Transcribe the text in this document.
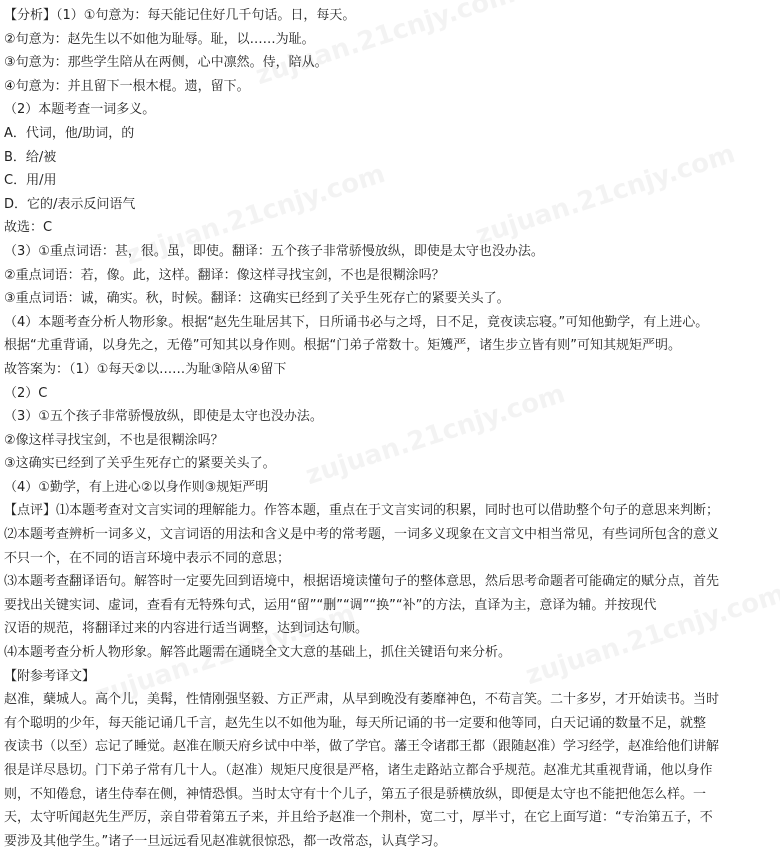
【分析】（1）①句意为：每天能记住好几千句话。日，每天。
②句意为：赵先生以不如他为耻辱。耻，以……为耻。
③句意为：那些学生陪从在两侧，心中凛然。侍，陪从。
④句意为：并且留下一根木棍。遗，留下。
（2）本题考查一词多义。
A．代词，他/助词，的
B．给/被
C．用/用
D．它的/表示反问语气
故选：C
（3）①重点词语：甚，很。虽，即使。翻译：五个孩子非常骄慢放纵，即使是太守也没办法。
②重点词语：若，像。此，这样。翻译：像这样寻找宝剑，不也是很糊涂吗？
③重点词语：诚，确实。秋，时候。翻译：这确实已经到了关乎生死存亡的紧要关头了。
（4）本题考查分析人物形象。根据“赵先生耻居其下，日所诵书必与之埒，日不足，竟夜读忘寝。”可知他勤学，有上进心。
根据“尤重背诵，以身先之，无倦”可知其以身作则。根据“门弟子常数十。矩矱严，诸生步立皆有则”可知其规矩严明。
故答案为：（1）①每天②以……为耻③陪从④留下
（2）C
（3）①五个孩子非常骄慢放纵，即使是太守也没办法。
②像这样寻找宝剑，不也是很糊涂吗？
③这确实已经到了关乎生死存亡的紧要关头了。
（4）①勤学，有上进心②以身作则③规矩严明
【点评】⑴本题考查对文言实词的理解能力。作答本题，重点在于文言实词的积累，同时也可以借助整个句子的意思来判断；
⑵本题考查辨析一词多义，文言词语的用法和含义是中考的常考题，一词多义现象在文言文中相当常见，有些词所包含的意义
不只一个，在不同的语言环境中表示不同的意思；
⑶本题考查翻译语句。解答时一定要先回到语境中，根据语境读懂句子的整体意思，然后思考命题者可能确定的赋分点，首先
要找出关键实词、虚词，查看有无特殊句式，运用“留”“删”“调”“换”“补”的方法，直译为主，意译为辅。并按现代
汉语的规范，将翻译过来的内容进行适当调整，达到词达句顺。
⑷本题考查分析人物形象。解答此题需在通晓全文大意的基础上，抓住关键语句来分析。
【附参考译文】
赵准，蘖城人。高个儿，美髯，性情刚强坚毅、方正严肃，从早到晚没有萎靡神色，不苟言笑。二十多岁，才开始读书。当时
有个聪明的少年，每天能记诵几千言，赵先生以不如他为耻，每天所记诵的书一定要和他等同，白天记诵的数量不足，就整
夜读书（以至）忘记了睡觉。赵准在顺天府乡试中中举，做了学官。藩王令诸郡王都（跟随赵准）学习经学，赵准给他们讲解
很是详尽恳切。门下弟子常有几十人。（赵准）规矩尺度很是严格，诸生走路站立都合乎规范。赵准尤其重视背诵，他以身作
则，不知倦怠，诸生侍奉在侧，神情恐惧。当时太守有十个儿子，第五子很是骄横放纵，即便是太守也不能把他怎么样。一
天，太守听闻赵先生严厉，亲自带着第五子来，并且给予赵准一个荆朴，宽二寸，厚半寸，在它上面写道：“专治第五子，不
要涉及其他学生。”诸子一旦远远看见赵准就很惊恐，都一改常态，认真学习。
